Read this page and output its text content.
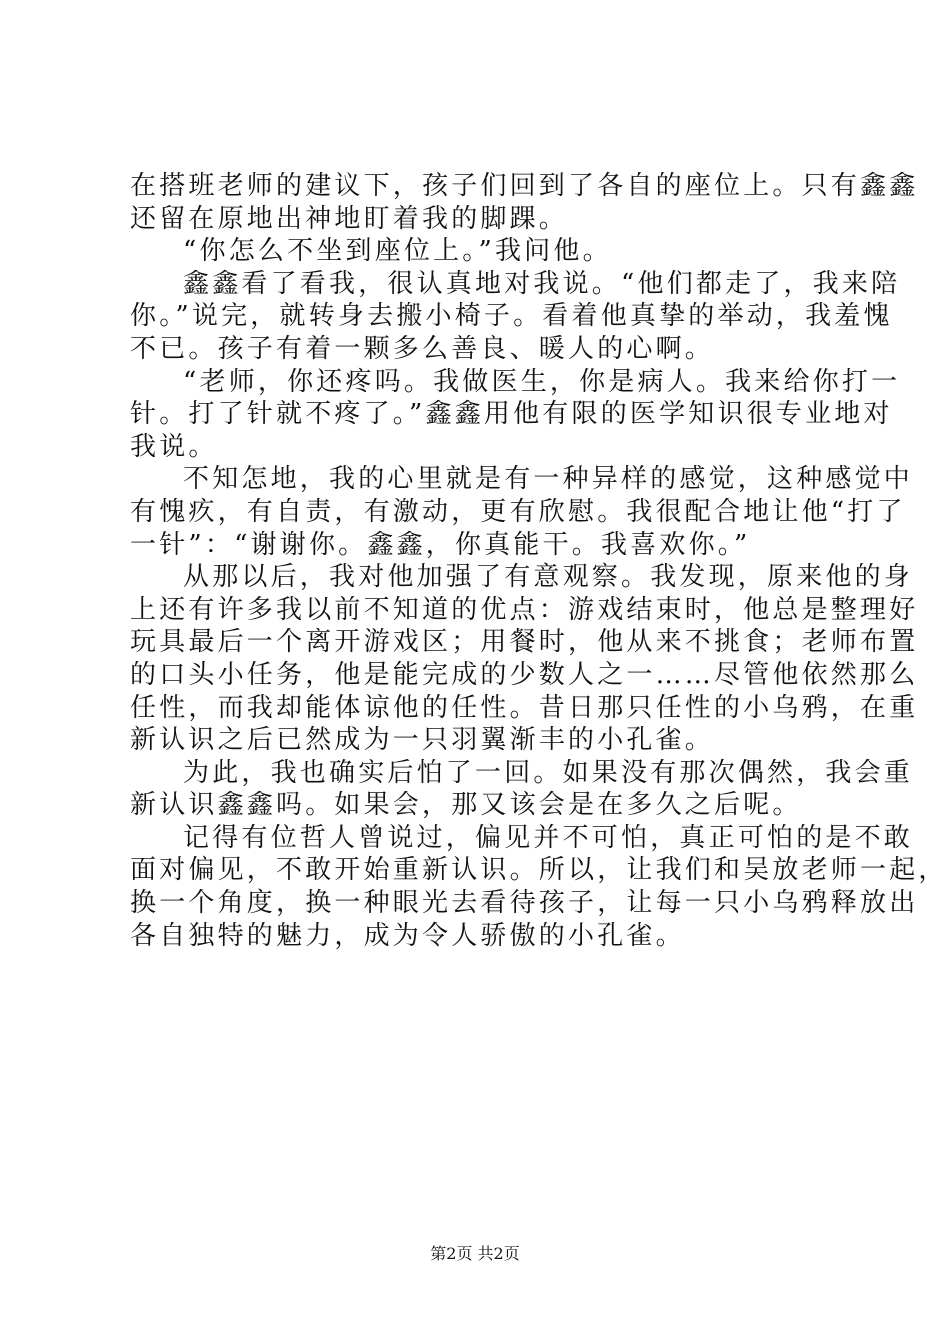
在搭班老师的建议下，孩子们回到了各自的座位上。只有鑫鑫
还留在原地出神地盯着我的脚踝。
“你怎么不坐到座位上。”我问他。
鑫鑫看了看我，很认真地对我说。“他们都走了，我来陪
你。”说完，就转身去搬小椅子。看着他真挚的举动，我羞愧
不已。孩子有着一颗多么善良、暖人的心啊。
“老师，你还疼吗。我做医生，你是病人。我来给你打一
针。打了针就不疼了。”鑫鑫用他有限的医学知识很专业地对
我说。
不知怎地，我的心里就是有一种异样的感觉，这种感觉中
有愧疚，有自责，有激动，更有欣慰。我很配合地让他“打了
一针”：“谢谢你。鑫鑫，你真能干。我喜欢你。”
从那以后，我对他加强了有意观察。我发现，原来他的身
上还有许多我以前不知道的优点：游戏结束时，他总是整理好
玩具最后一个离开游戏区；用餐时，他从来不挑食；老师布置
的口头小任务，他是能完成的少数人之一……尽管他依然那么
任性，而我却能体谅他的任性。昔日那只任性的小乌鸦，在重
新认识之后已然成为一只羽翼渐丰的小孔雀。
为此，我也确实后怕了一回。如果没有那次偶然，我会重
新认识鑫鑫吗。如果会，那又该会是在多久之后呢。
记得有位哲人曾说过，偏见并不可怕，真正可怕的是不敢
面对偏见，不敢开始重新认识。所以，让我们和吴放老师一起，
换一个角度，换一种眼光去看待孩子，让每一只小乌鸦释放出
各自独特的魅力，成为令人骄傲的小孔雀。
第2页 共2页
